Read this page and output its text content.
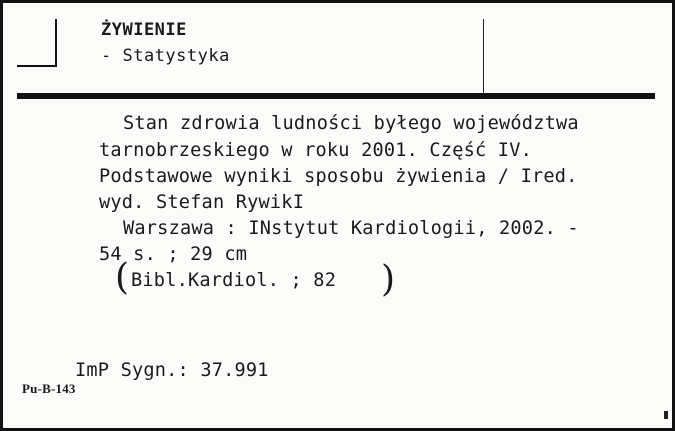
ŻYWIENIE
- Statystyka
Stan zdrowia ludności byłego województwa
tarnobrzeskiego w roku 2001. Część IV.
Podstawowe wyniki sposobu żywienia / Ired.
wyd. Stefan RywikI
Warszawa : INstytut Kardiologii, 2002. -
54 s. ; 29 cm
( Bibl.Kardiol. ; 82 )
ImP Sygn.: 37.991
Pu-B-143
